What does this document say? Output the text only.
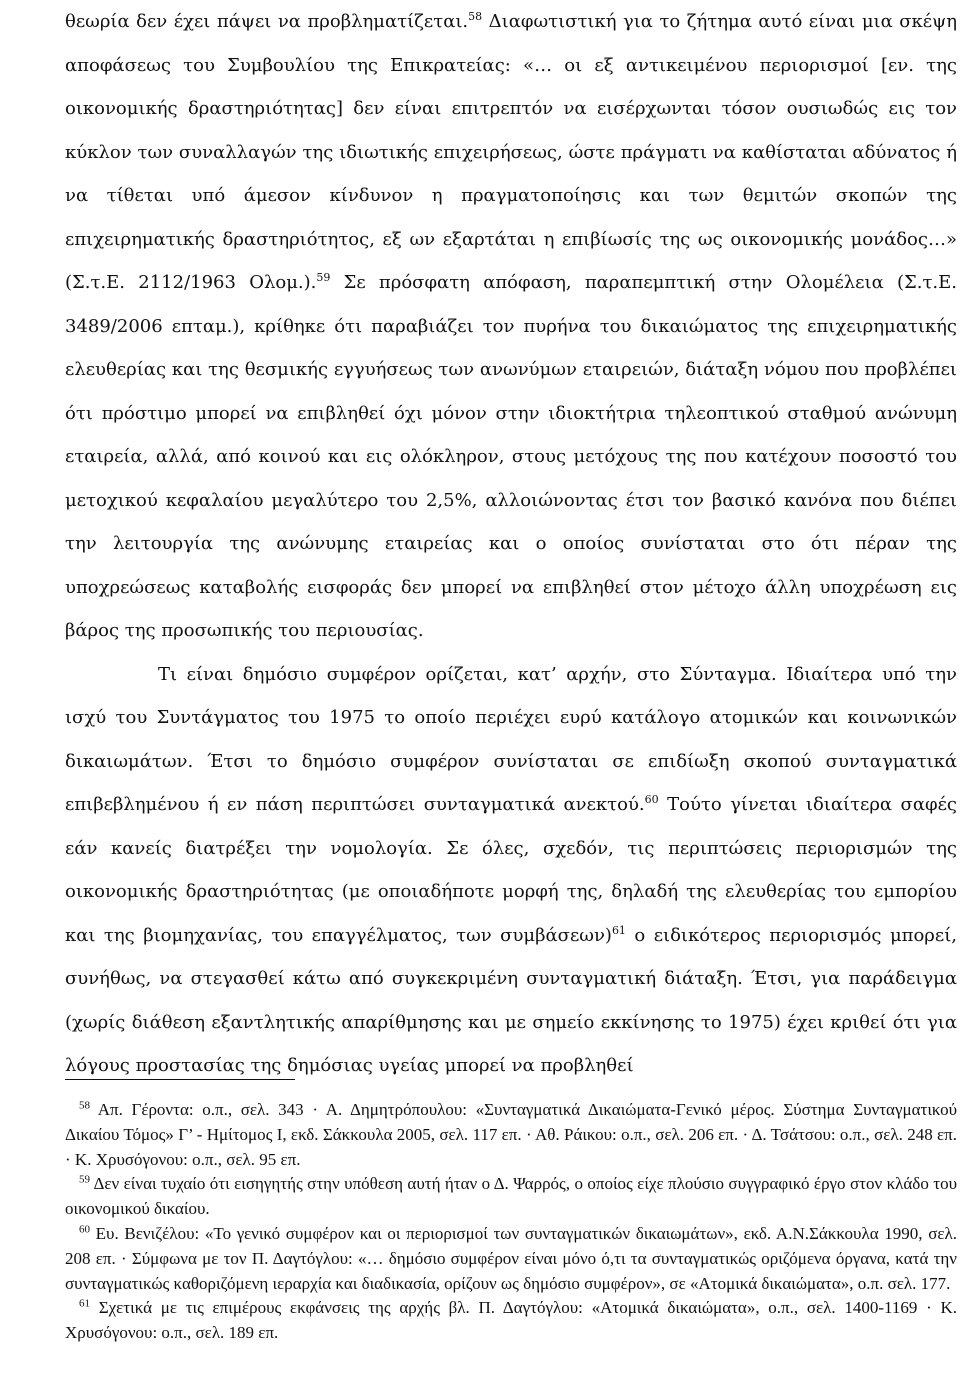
θεωρία δεν έχει πάψει να προβληματίζεται.$^{58}$ Διαφωτιστική για το ζήτημα αυτό είναι μια σκέψη αποφάσεως του Συμβουλίου της Επικρατείας: «… οι εξ αντικειμένου περιορισμοί [εν. της οικονομικής δραστηριότητας] δεν είναι επιτρεπτόν να εισέρχωνται τόσον ουσιωδώς εις τον κύκλον των συναλλαγών της ιδιωτικής επιχειρήσεως, ώστε πράγματι να καθίσταται αδύνατος ή να τίθεται υπό άμεσον κίνδυνον η πραγματοποίησις και των θεμιτών σκοπών της επιχειρηματικής δραστηριότητος, εξ ων εξαρτάται η επιβίωσίς της ως οικονομικής μονάδος…» (Σ.τ.Ε. 2112/1963 Ολομ.).$^{59}$ Σε πρόσφατη απόφαση, παραπεμπτική στην Ολομέλεια (Σ.τ.Ε. 3489/2006 επταμ.), κρίθηκε ότι παραβιάζει τον πυρήνα του δικαιώματος της επιχειρηματικής ελευθερίας και της θεσμικής εγγυήσεως των ανωνύμων εταιρειών, διάταξη νόμου που προβλέπει ότι πρόστιμο μπορεί να επιβληθεί όχι μόνον στην ιδιοκτήτρια τηλεοπτικού σταθμού ανώνυμη εταιρεία, αλλά, από κοινού και εις ολόκληρον, στους μετόχους της που κατέχουν ποσοστό του μετοχικού κεφαλαίου μεγαλύτερο του 2,5%, αλλοιώνοντας έτσι τον βασικό κανόνα που διέπει την λειτουργία της ανώνυμης εταιρείας και ο οποίος συνίσταται στο ότι πέραν της υποχρεώσεως καταβολής εισφοράς δεν μπορεί να επιβληθεί στον μέτοχο άλλη υποχρέωση εις βάρος της προσωπικής του περιουσίας.

Τι είναι δημόσιο συμφέρον ορίζεται, κατ’ αρχήν, στο Σύνταγμα. Ιδιαίτερα υπό την ισχύ του Συντάγματος του 1975 το οποίο περιέχει ευρύ κατάλογο ατομικών και κοινωνικών δικαιωμάτων. Έτσι το δημόσιο συμφέρον συνίσταται σε επιδίωξη σκοπού συνταγματικά επιβεβλημένου ή εν πάση περιπτώσει συνταγματικά ανεκτού.$^{60}$ Τούτο γίνεται ιδιαίτερα σαφές εάν κανείς διατρέξει την νομολογία. Σε όλες, σχεδόν, τις περιπτώσεις περιορισμών της οικονομικής δραστηριότητας (με οποιαδήποτε μορφή της, δηλαδή της ελευθερίας του εμπορίου και της βιομηχανίας, του επαγγέλματος, των συμβάσεων)$^{61}$ ο ειδικότερος περιορισμός μπορεί, συνήθως, να στεγασθεί κάτω από συγκεκριμένη συνταγματική διάταξη. Έτσι, για παράδειγμα (χωρίς διάθεση εξαντλητικής απαρίθμησης και με σημείο εκκίνησης το 1975) έχει κριθεί ότι για λόγους προστασίας της δημόσιας υγείας μπορεί να προβληθεί

$^{58}$ Απ. Γέροντα: ο.π., σελ. 343 · Α. Δημητρόπουλου: «Συνταγματικά Δικαιώματα-Γενικό μέρος. Σύστημα Συνταγματικού Δικαίου Τόμος» Γ’ - Ημίτομος Ι, εκδ. Σάκκουλα 2005, σελ. 117 επ. · Αθ. Ράικου: ο.π., σελ. 206 επ. · Δ. Τσάτσου: ο.π., σελ. 248 επ. · Κ. Χρυσόγονου: ο.π., σελ. 95 επ.

$^{59}$ Δεν είναι τυχαίο ότι εισηγητής στην υπόθεση αυτή ήταν ο Δ. Ψαρρός, ο οποίος είχε πλούσιο συγγραφικό έργο στον κλάδο του οικονομικού δικαίου.

$^{60}$ Ευ. Βενιζέλου: «Το γενικό συμφέρον και οι περιορισμοί των συνταγματικών δικαιωμάτων», εκδ. Α.Ν.Σάκκουλα 1990, σελ. 208 επ. · Σύμφωνα με τον Π. Δαγτόγλου: «… δημόσιο συμφέρον είναι μόνο ό,τι τα συνταγματικώς οριζόμενα όργανα, κατά την συνταγματικώς καθοριζόμενη ιεραρχία και διαδικασία, ορίζουν ως δημόσιο συμφέρον», σε «Ατομικά δικαιώματα», ο.π. σελ. 177.

$^{61}$ Σχετικά με τις επιμέρους εκφάνσεις της αρχής βλ. Π. Δαγτόγλου: «Ατομικά δικαιώματα», ο.π., σελ. 1400-1169 · Κ. Χρυσόγονου: ο.π., σελ. 189 επ.
